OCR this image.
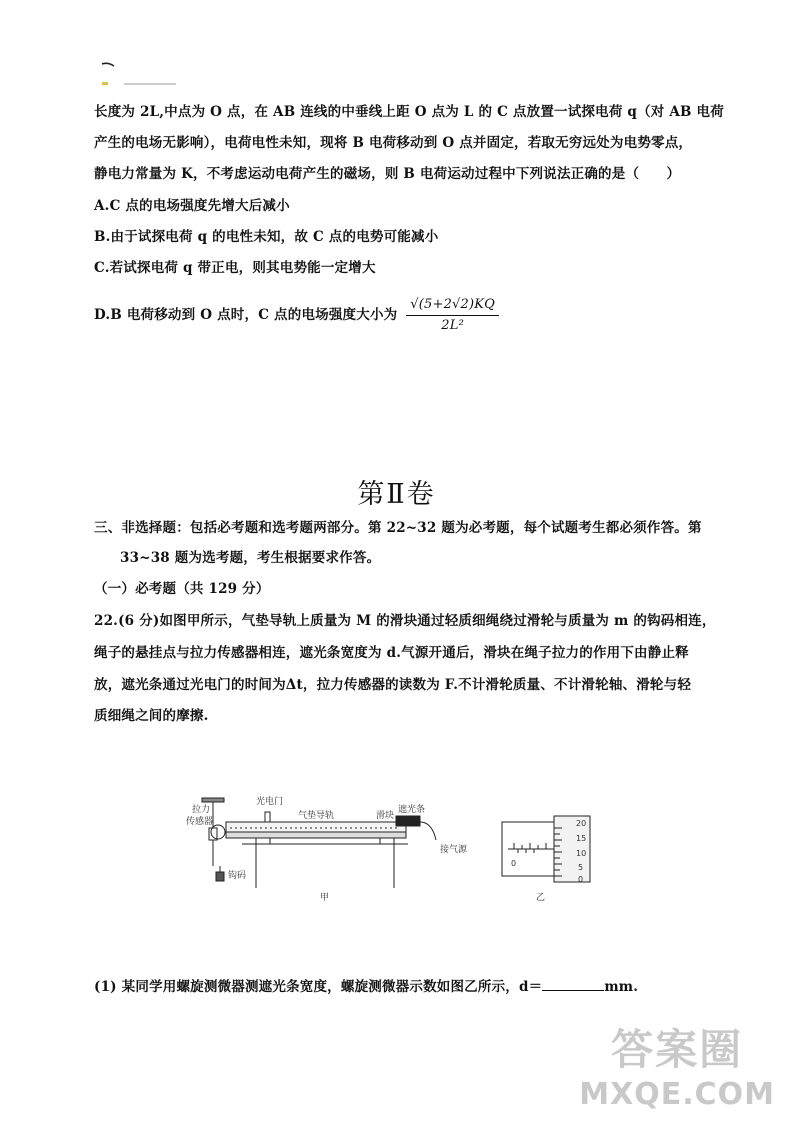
长度为 2L,中点为 O 点，在 AB 连线的中垂线上距 O 点为 L 的 C 点放置一试探电荷 q（对 AB 电荷
产生的电场无影响），电荷电性未知，现将 B 电荷移动到 O 点并固定，若取无穷远处为电势零点，
静电力常量为 K，不考虑运动电荷产生的磁场，则 B 电荷运动过程中下列说法正确的是（　　）
A.C 点的电场强度先增大后减小
B.由于试探电荷 q 的电性未知，故 C 点的电势可能减小
C.若试探电荷 q 带正电，则其电势能一定增大
D.B 电荷移动到 O 点时，C 点的电场强度大小为 $\frac{√(5+2√2)KQ}{\text{2L²}}$
第Ⅱ卷
三、非选择题：包括必考题和选考题两部分。第 22~32 题为必考题，每个试题考生都必须作答。第
33~38 题为选考题，考生根据要求作答。
（一）必考题（共 129 分）
22.(6 分)如图甲所示，气垫导轨上质量为 M 的滑块通过轻质细绳绕过滑轮与质量为 m 的钩码相连，
绳子的悬挂点与拉力传感器相连，遮光条宽度为 d.气源开通后，滑块在绳子拉力的作用下由静止释
放，遮光条通过光电门的时间为Δt，拉力传感器的读数为 F.不计滑轮质量、不计滑轮轴、滑轮与轻
质细绳之间的摩擦.
拉力
传感器
光电门
气垫导轨	滑块
遮光条
接气源
钩码
甲
20
15
10
5
0
0
乙
(1) 某同学用螺旋测微器测遮光条宽度，螺旋测微器示数如图乙所示，d＝	mm.
答案圈
MXQE.COM
